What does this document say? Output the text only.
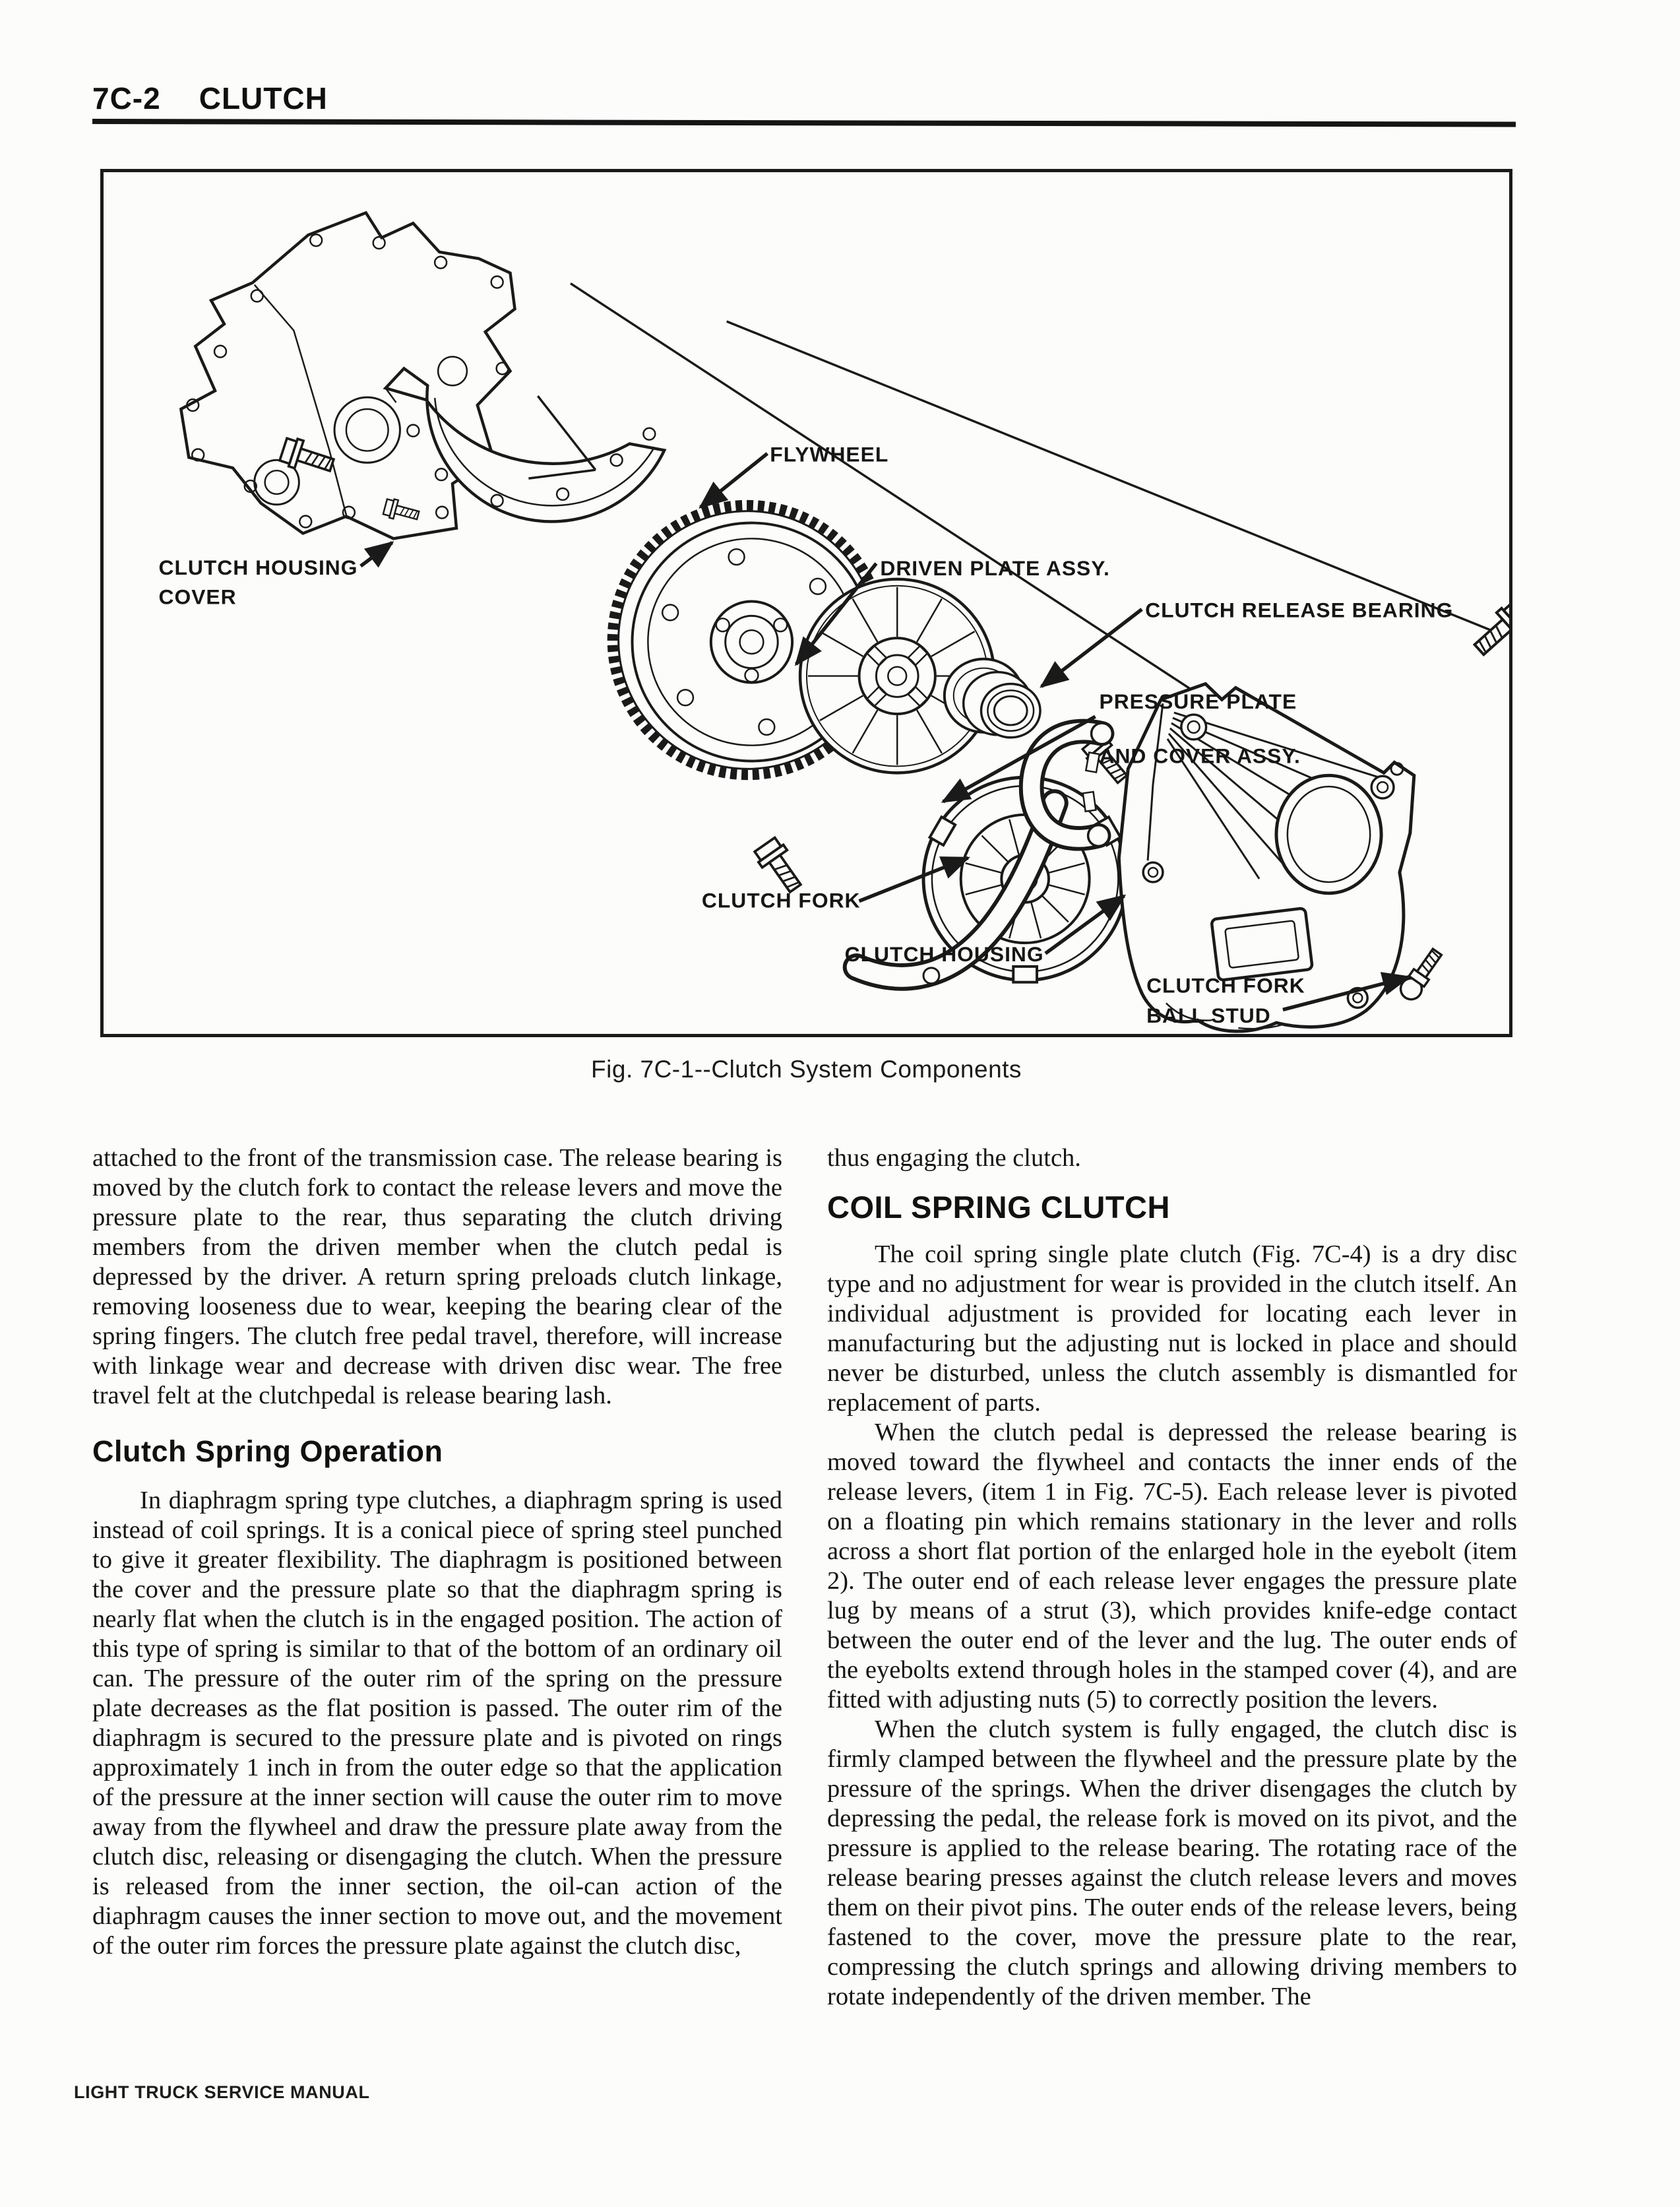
7C-2 CLUTCH
CLUTCH HOUSING
COVER
FLYWHEEL
DRIVEN PLATE ASSY.
PRESSURE PLATE
AND COVER ASSY.
CLUTCH RELEASE BEARING
CLUTCH FORK
CLUTCH HOUSING
CLUTCH FORK
BALL STUD
Fig. 7C-1--Clutch System Components

attached to the front of the transmission case. The release bearing is moved by the clutch fork to contact the release levers and move the pressure plate to the rear, thus separating the clutch driving members from the driven member when the clutch pedal is depressed by the driver. A return spring preloads clutch linkage, removing looseness due to wear, keeping the bearing clear of the spring fingers. The clutch free pedal travel, therefore, will increase with linkage wear and decrease with driven disc wear. The free travel felt at the clutchpedal is release bearing lash.

Clutch Spring Operation

In diaphragm spring type clutches, a diaphragm spring is used instead of coil springs. It is a conical piece of spring steel punched to give it greater flexibility. The diaphragm is positioned between the cover and the pressure plate so that the diaphragm spring is nearly flat when the clutch is in the engaged position. The action of this type of spring is similar to that of the bottom of an ordinary oil can. The pressure of the outer rim of the spring on the pressure plate decreases as the flat position is passed. The outer rim of the diaphragm is secured to the pressure plate and is pivoted on rings approximately 1 inch in from the outer edge so that the application of the pressure at the inner section will cause the outer rim to move away from the flywheel and draw the pressure plate away from the clutch disc, releasing or disengaging the clutch. When the pressure is released from the inner section, the oil-can action of the diaphragm causes the inner section to move out, and the movement of the outer rim forces the pressure plate against the clutch disc,

thus engaging the clutch.

COIL SPRING CLUTCH

The coil spring single plate clutch (Fig. 7C-4) is a dry disc type and no adjustment for wear is provided in the clutch itself. An individual adjustment is provided for locating each lever in manufacturing but the adjusting nut is locked in place and should never be disturbed, unless the clutch assembly is dismantled for replacement of parts.

When the clutch pedal is depressed the release bearing is moved toward the flywheel and contacts the inner ends of the release levers, (item 1 in Fig. 7C-5). Each release lever is pivoted on a floating pin which remains stationary in the lever and rolls across a short flat portion of the enlarged hole in the eyebolt (item 2). The outer end of each release lever engages the pressure plate lug by means of a strut (3), which provides knife-edge contact between the outer end of the lever and the lug. The outer ends of the eyebolts extend through holes in the stamped cover (4), and are fitted with adjusting nuts (5) to correctly position the levers.

When the clutch system is fully engaged, the clutch disc is firmly clamped between the flywheel and the pressure plate by the pressure of the springs. When the driver disengages the clutch by depressing the pedal, the release fork is moved on its pivot, and the pressure is applied to the release bearing. The rotating race of the release bearing presses against the clutch release levers and moves them on their pivot pins. The outer ends of the release levers, being fastened to the cover, move the pressure plate to the rear, compressing the clutch springs and allowing driving members to rotate independently of the driven member. The

LIGHT TRUCK SERVICE MANUAL
